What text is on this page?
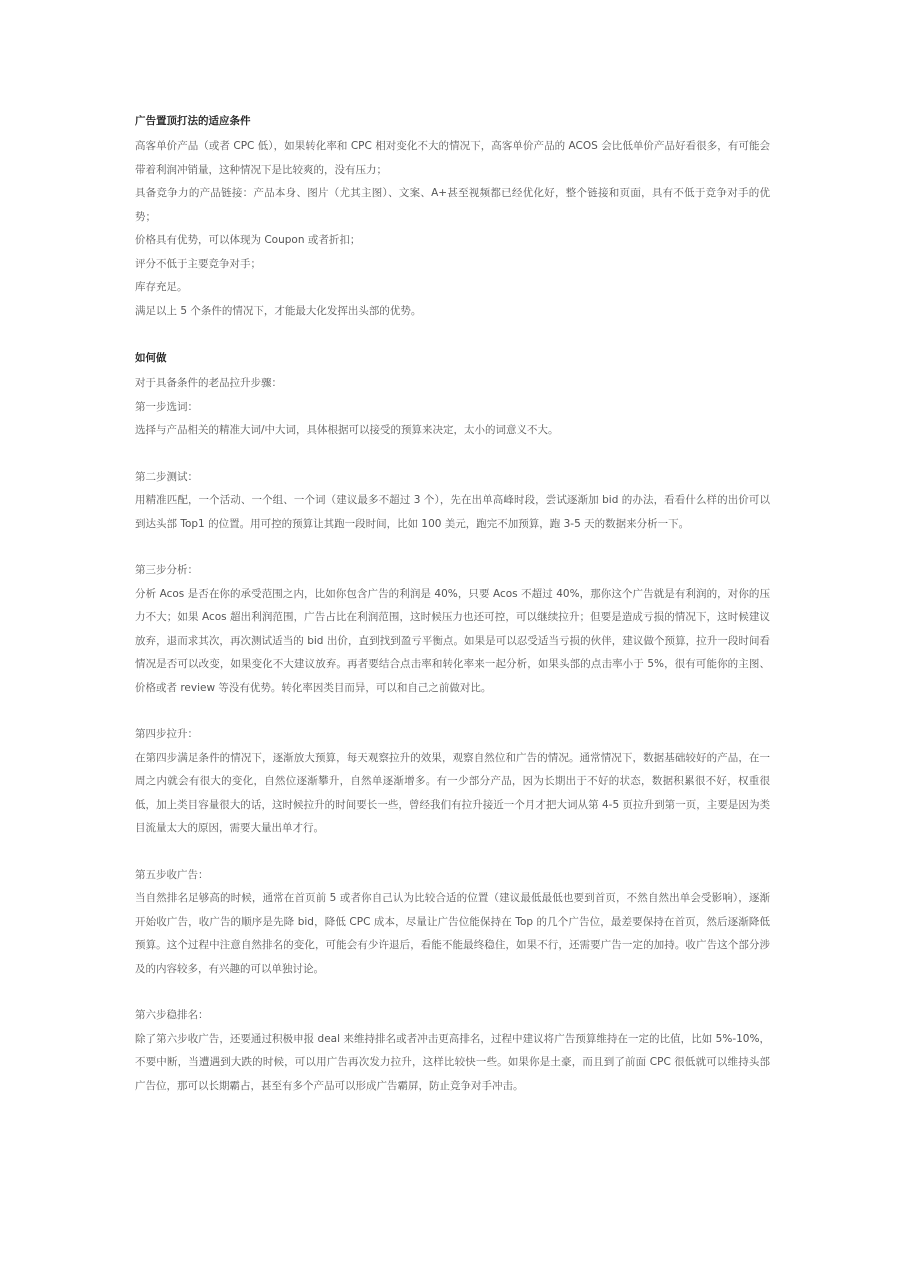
广告置顶打法的适应条件

高客单价产品（或者 CPC 低），如果转化率和 CPC 相对变化不大的情况下，高客单价产品的 ACOS 会比低单价产品好看很多，有可能会带着利润冲销量，这种情况下是比较爽的，没有压力；

具备竞争力的产品链接：产品本身、图片（尤其主图）、文案、A+甚至视频都已经优化好，整个链接和页面，具有不低于竞争对手的优势；

价格具有优势，可以体现为 Coupon 或者折扣；

评分不低于主要竞争对手；

库存充足。

满足以上 5 个条件的情况下，才能最大化发挥出头部的优势。

如何做

对于具备条件的老品拉升步骤：

第一步选词：

选择与产品相关的精准大词/中大词，具体根据可以接受的预算来决定，太小的词意义不大。

第二步测试：

用精准匹配，一个活动、一个组、一个词（建议最多不超过 3 个），先在出单高峰时段，尝试逐渐加 bid 的办法，看看什么样的出价可以到达头部 Top1 的位置。用可控的预算让其跑一段时间，比如 100 美元，跑完不加预算，跑 3-5 天的数据来分析一下。

第三步分析：

分析 Acos 是否在你的承受范围之内，比如你包含广告的利润是 40%，只要 Acos 不超过 40%，那你这个广告就是有利润的，对你的压力不大；如果 Acos 超出利润范围，广告占比在利润范围，这时候压力也还可控，可以继续拉升；但要是造成亏损的情况下，这时候建议放弃，退而求其次，再次测试适当的 bid 出价，直到找到盈亏平衡点。如果是可以忍受适当亏损的伙伴，建议做个预算，拉升一段时间看情况是否可以改变，如果变化不大建议放弃。再者要结合点击率和转化率来一起分析，如果头部的点击率小于 5%，很有可能你的主图、价格或者 review 等没有优势。转化率因类目而异，可以和自己之前做对比。

第四步拉升：

在第四步满足条件的情况下，逐渐放大预算，每天观察拉升的效果，观察自然位和广告的情况。通常情况下，数据基础较好的产品，在一周之内就会有很大的变化，自然位逐渐攀升，自然单逐渐增多。有一少部分产品，因为长期出于不好的状态，数据积累很不好，权重很低，加上类目容量很大的话，这时候拉升的时间要长一些，曾经我们有拉升接近一个月才把大词从第 4-5 页拉升到第一页，主要是因为类目流量太大的原因，需要大量出单才行。

第五步收广告：

当自然排名足够高的时候，通常在首页前 5 或者你自己认为比较合适的位置（建议最低最低也要到首页，不然自然出单会受影响），逐渐开始收广告，收广告的顺序是先降 bid，降低 CPC 成本，尽量让广告位能保持在 Top 的几个广告位，最差要保持在首页，然后逐渐降低预算。这个过程中注意自然排名的变化，可能会有少许退后，看能不能最终稳住，如果不行，还需要广告一定的加持。收广告这个部分涉及的内容较多，有兴趣的可以单独讨论。

第六步稳排名：

除了第六步收广告，还要通过积极申报 deal 来维持排名或者冲击更高排名，过程中建议将广告预算维持在一定的比值，比如 5%-10%，不要中断，当遭遇到大跌的时候，可以用广告再次发力拉升，这样比较快一些。如果你是土豪，而且到了前面 CPC 很低就可以维持头部广告位，那可以长期霸占，甚至有多个产品可以形成广告霸屏，防止竞争对手冲击。
